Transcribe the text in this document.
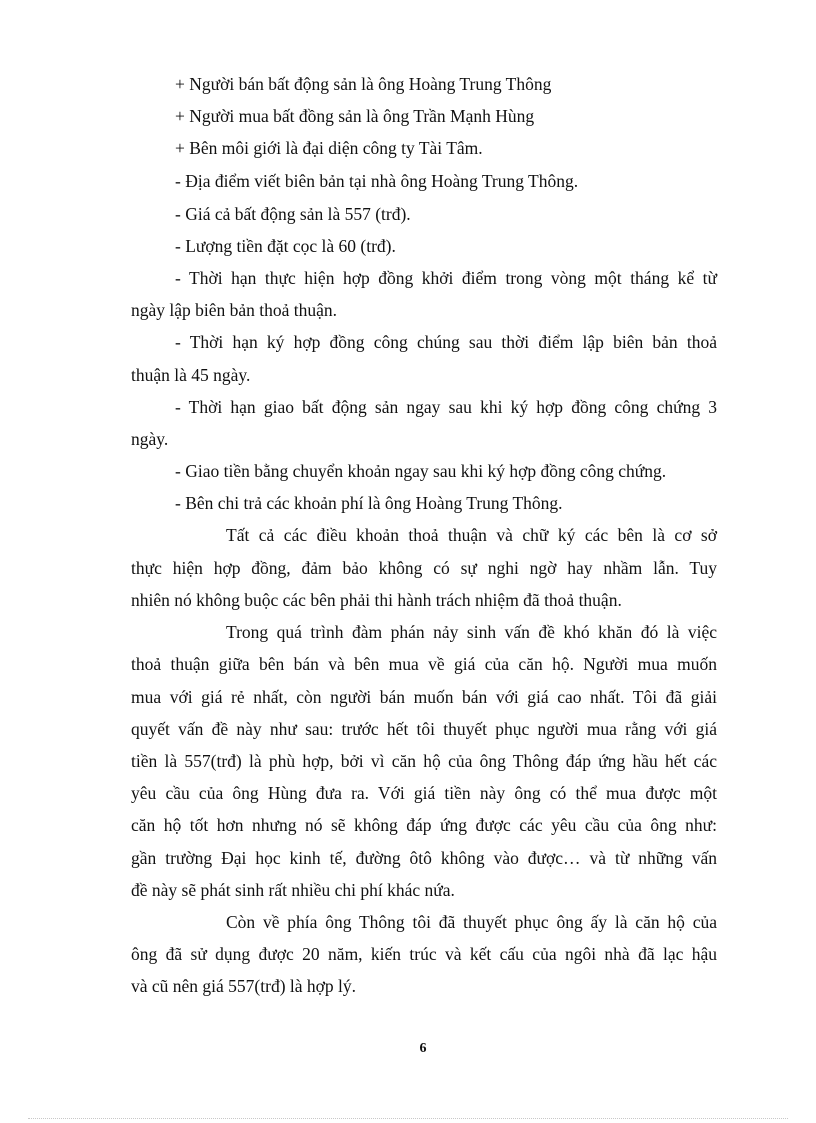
+ Người bán bất động sản là ông Hoàng Trung Thông
+ Người mua bất đồng sản là ông Trần Mạnh Hùng
+ Bên môi giới là đại diện công ty Tài Tâm.
- Địa điểm viết biên bản tại nhà ông Hoàng Trung Thông.
- Giá cả bất động sản là 557 (trđ).
- Lượng tiền đặt cọc là 60 (trđ).
- Thời hạn thực hiện hợp đồng khởi điểm trong vòng một tháng kể từ
ngày lập biên bản thoả thuận.
- Thời hạn ký hợp đồng công chúng sau thời điểm lập biên bản thoả
thuận là 45 ngày.
- Thời hạn giao bất động sản ngay sau khi ký hợp đồng công chứng 3
ngày.
- Giao tiền bằng chuyển khoản ngay sau khi ký hợp đồng công chứng.
- Bên chi trả các khoản phí là ông Hoàng Trung Thông.
Tất cả các điều khoản thoả thuận và chữ ký các bên là cơ sở
thực hiện hợp đồng, đảm bảo không có sự nghi ngờ hay nhầm lẫn. Tuy
nhiên nó không buộc các bên phải thi hành trách nhiệm đã thoả thuận.
Trong quá trình đàm phán nảy sinh vấn đề khó khăn đó là việc
thoả thuận giữa bên bán và bên mua về giá của căn hộ. Người mua muốn
mua với giá rẻ nhất, còn người bán muốn bán với giá cao nhất. Tôi đã giải
quyết vấn đề này như sau: trước hết tôi thuyết phục người mua rằng với giá
tiền là 557(trđ) là phù hợp, bởi vì căn hộ của ông Thông đáp ứng hầu hết các
yêu cầu của ông Hùng đưa ra. Với giá tiền này ông có thể mua được một
căn hộ tốt hơn nhưng nó sẽ không đáp ứng được các yêu cầu của ông như:
gần trường Đại học kinh tế, đường ôtô không vào được… và từ những vấn
đề này sẽ phát sinh rất nhiều chi phí khác nứa.
Còn về phía ông Thông tôi đã thuyết phục ông ấy là căn hộ của
ông đã sử dụng được 20 năm, kiến trúc và kết cấu của ngôi nhà đã lạc hậu
và cũ nên giá 557(trđ) là hợp lý.
6
